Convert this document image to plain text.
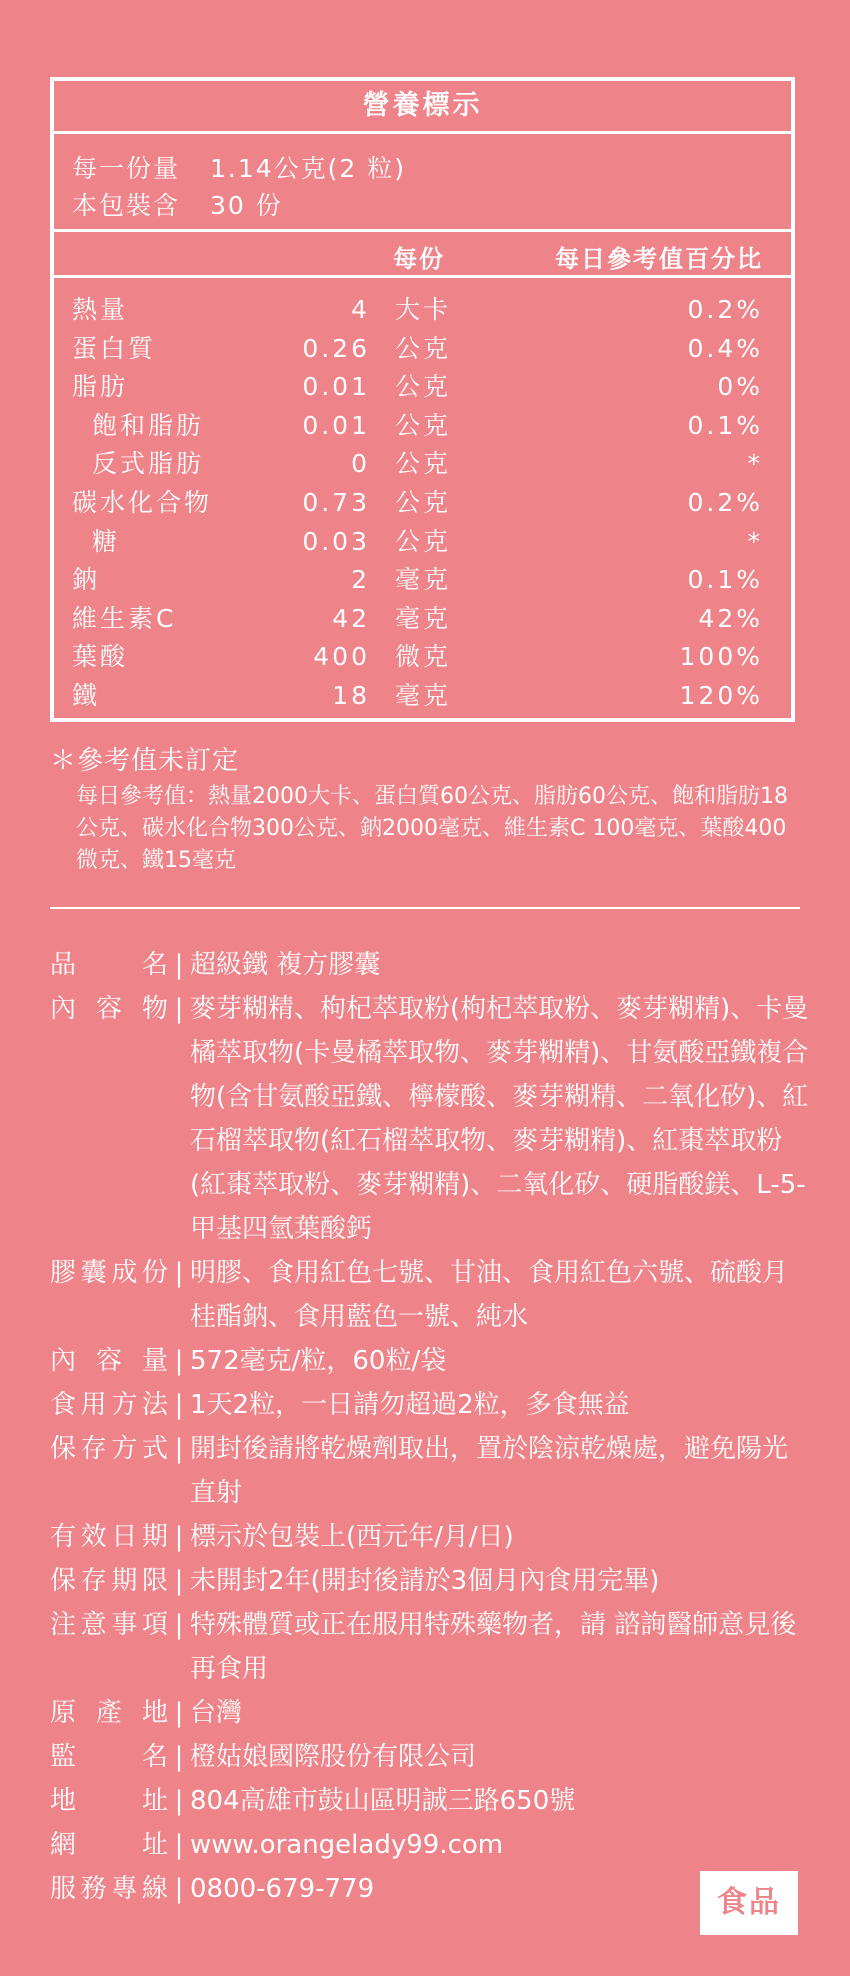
營養標示
每一份量 1.14公克(2 粒)
本包裝含 30 份
每份	每日參考值百分比
熱量	4 大卡	0.2%
蛋白質	0.26 公克	0.4%
脂肪	0.01 公克	0%
飽和脂肪	0.01 公克	0.1%
反式脂肪	0 公克	*
碳水化合物	0.73 公克	0.2%
糖	0.03 公克	*
鈉	2 毫克	0.1%
維生素C	42 毫克	42%
葉酸	400 微克	100%
鐵	18 毫克	120%
＊參考值未訂定
每日參考值：熱量2000大卡、蛋白質60公克、脂肪60公克、飽和脂肪18公克、碳水化合物300公克、鈉2000毫克、維生素C 100毫克、葉酸400微克、鐵15毫克
品名 | 超級鐵 複方膠囊
內容物 | 麥芽糊精、枸杞萃取粉(枸杞萃取粉、麥芽糊精)、卡曼橘萃取物(卡曼橘萃取物、麥芽糊精)、甘氨酸亞鐵複合物(含甘氨酸亞鐵、檸檬酸、麥芽糊精、二氧化矽)、紅石榴萃取物(紅石榴萃取物、麥芽糊精)、紅棗萃取粉(紅棗萃取粉、麥芽糊精)、二氧化矽、硬脂酸鎂、L-5-甲基四氫葉酸鈣
膠囊成份 | 明膠、食用紅色七號、甘油、食用紅色六號、硫酸月桂酯鈉、食用藍色一號、純水
內容量 | 572毫克/粒，60粒/袋
食用方法 | 1天2粒，一日請勿超過2粒，多食無益
保存方式 | 開封後請將乾燥劑取出，置於陰涼乾燥處，避免陽光直射
有效日期 | 標示於包裝上(西元年/月/日)
保存期限 | 未開封2年(開封後請於3個月內食用完畢)
注意事項 | 特殊體質或正在服用特殊藥物者，請 諮詢醫師意見後再食用
原產地 | 台灣
監名 | 橙姑娘國際股份有限公司
地址 | 804高雄市鼓山區明誠三路650號
網址 | www.orangelady99.com
服務專線 | 0800-679-779	食品
